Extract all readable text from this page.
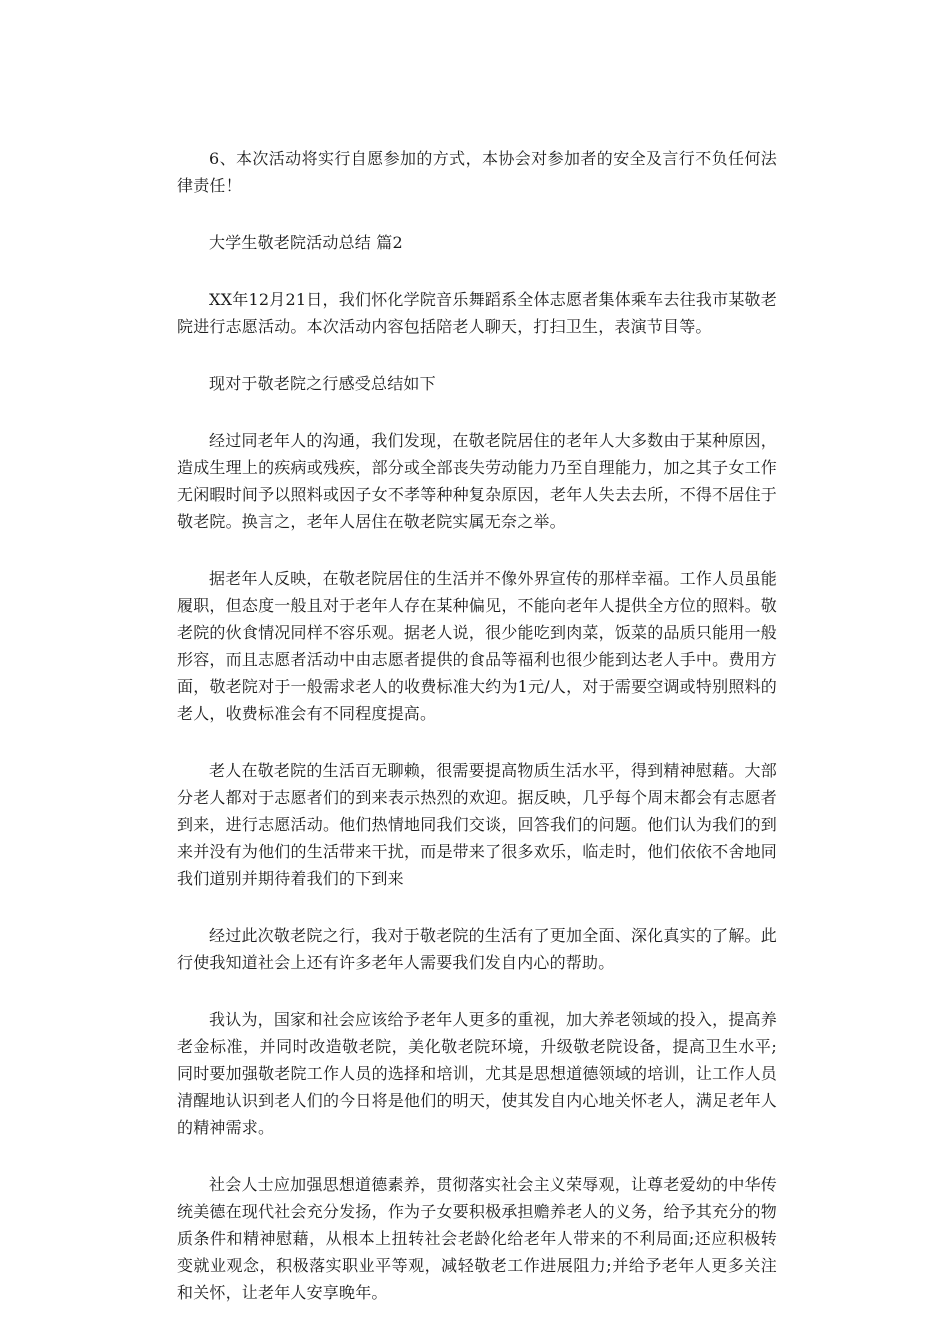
6、本次活动将实行自愿参加的方式，本协会对参加者的安全及言行不负任何法律责任！

大学生敬老院活动总结 篇2

XX年12月21日，我们怀化学院音乐舞蹈系全体志愿者集体乘车去往我市某敬老院进行志愿活动。本次活动内容包括陪老人聊天，打扫卫生，表演节目等。

现对于敬老院之行感受总结如下

经过同老年人的沟通，我们发现，在敬老院居住的老年人大多数由于某种原因，造成生理上的疾病或残疾，部分或全部丧失劳动能力乃至自理能力，加之其子女工作无闲暇时间予以照料或因子女不孝等种种复杂原因，老年人失去去所，不得不居住于敬老院。换言之，老年人居住在敬老院实属无奈之举。

据老年人反映，在敬老院居住的生活并不像外界宣传的那样幸福。工作人员虽能履职，但态度一般且对于老年人存在某种偏见，不能向老年人提供全方位的照料。敬老院的伙食情况同样不容乐观。据老人说，很少能吃到肉菜，饭菜的品质只能用一般形容，而且志愿者活动中由志愿者提供的食品等福利也很少能到达老人手中。费用方面，敬老院对于一般需求老人的收费标准大约为1元/人，对于需要空调或特别照料的老人，收费标准会有不同程度提高。

老人在敬老院的生活百无聊赖，很需要提高物质生活水平，得到精神慰藉。大部分老人都对于志愿者们的到来表示热烈的欢迎。据反映，几乎每个周末都会有志愿者到来，进行志愿活动。他们热情地同我们交谈，回答我们的问题。他们认为我们的到来并没有为他们的生活带来干扰，而是带来了很多欢乐，临走时，他们依依不舍地同我们道别并期待着我们的下到来

经过此次敬老院之行，我对于敬老院的生活有了更加全面、深化真实的了解。此行使我知道社会上还有许多老年人需要我们发自内心的帮助。

我认为，国家和社会应该给予老年人更多的重视，加大养老领域的投入，提高养老金标准，并同时改造敬老院，美化敬老院环境，升级敬老院设备，提高卫生水平;同时要加强敬老院工作人员的选择和培训，尤其是思想道德领域的培训，让工作人员清醒地认识到老人们的今日将是他们的明天，使其发自内心地关怀老人，满足老年人的精神需求。

社会人士应加强思想道德素养，贯彻落实社会主义荣辱观，让尊老爱幼的中华传统美德在现代社会充分发扬，作为子女要积极承担赡养老人的义务，给予其充分的物质条件和精神慰藉，从根本上扭转社会老龄化给老年人带来的不利局面;还应积极转变就业观念，积极落实职业平等观，减轻敬老工作进展阻力;并给予老年人更多关注和关怀，让老年人安享晚年。
